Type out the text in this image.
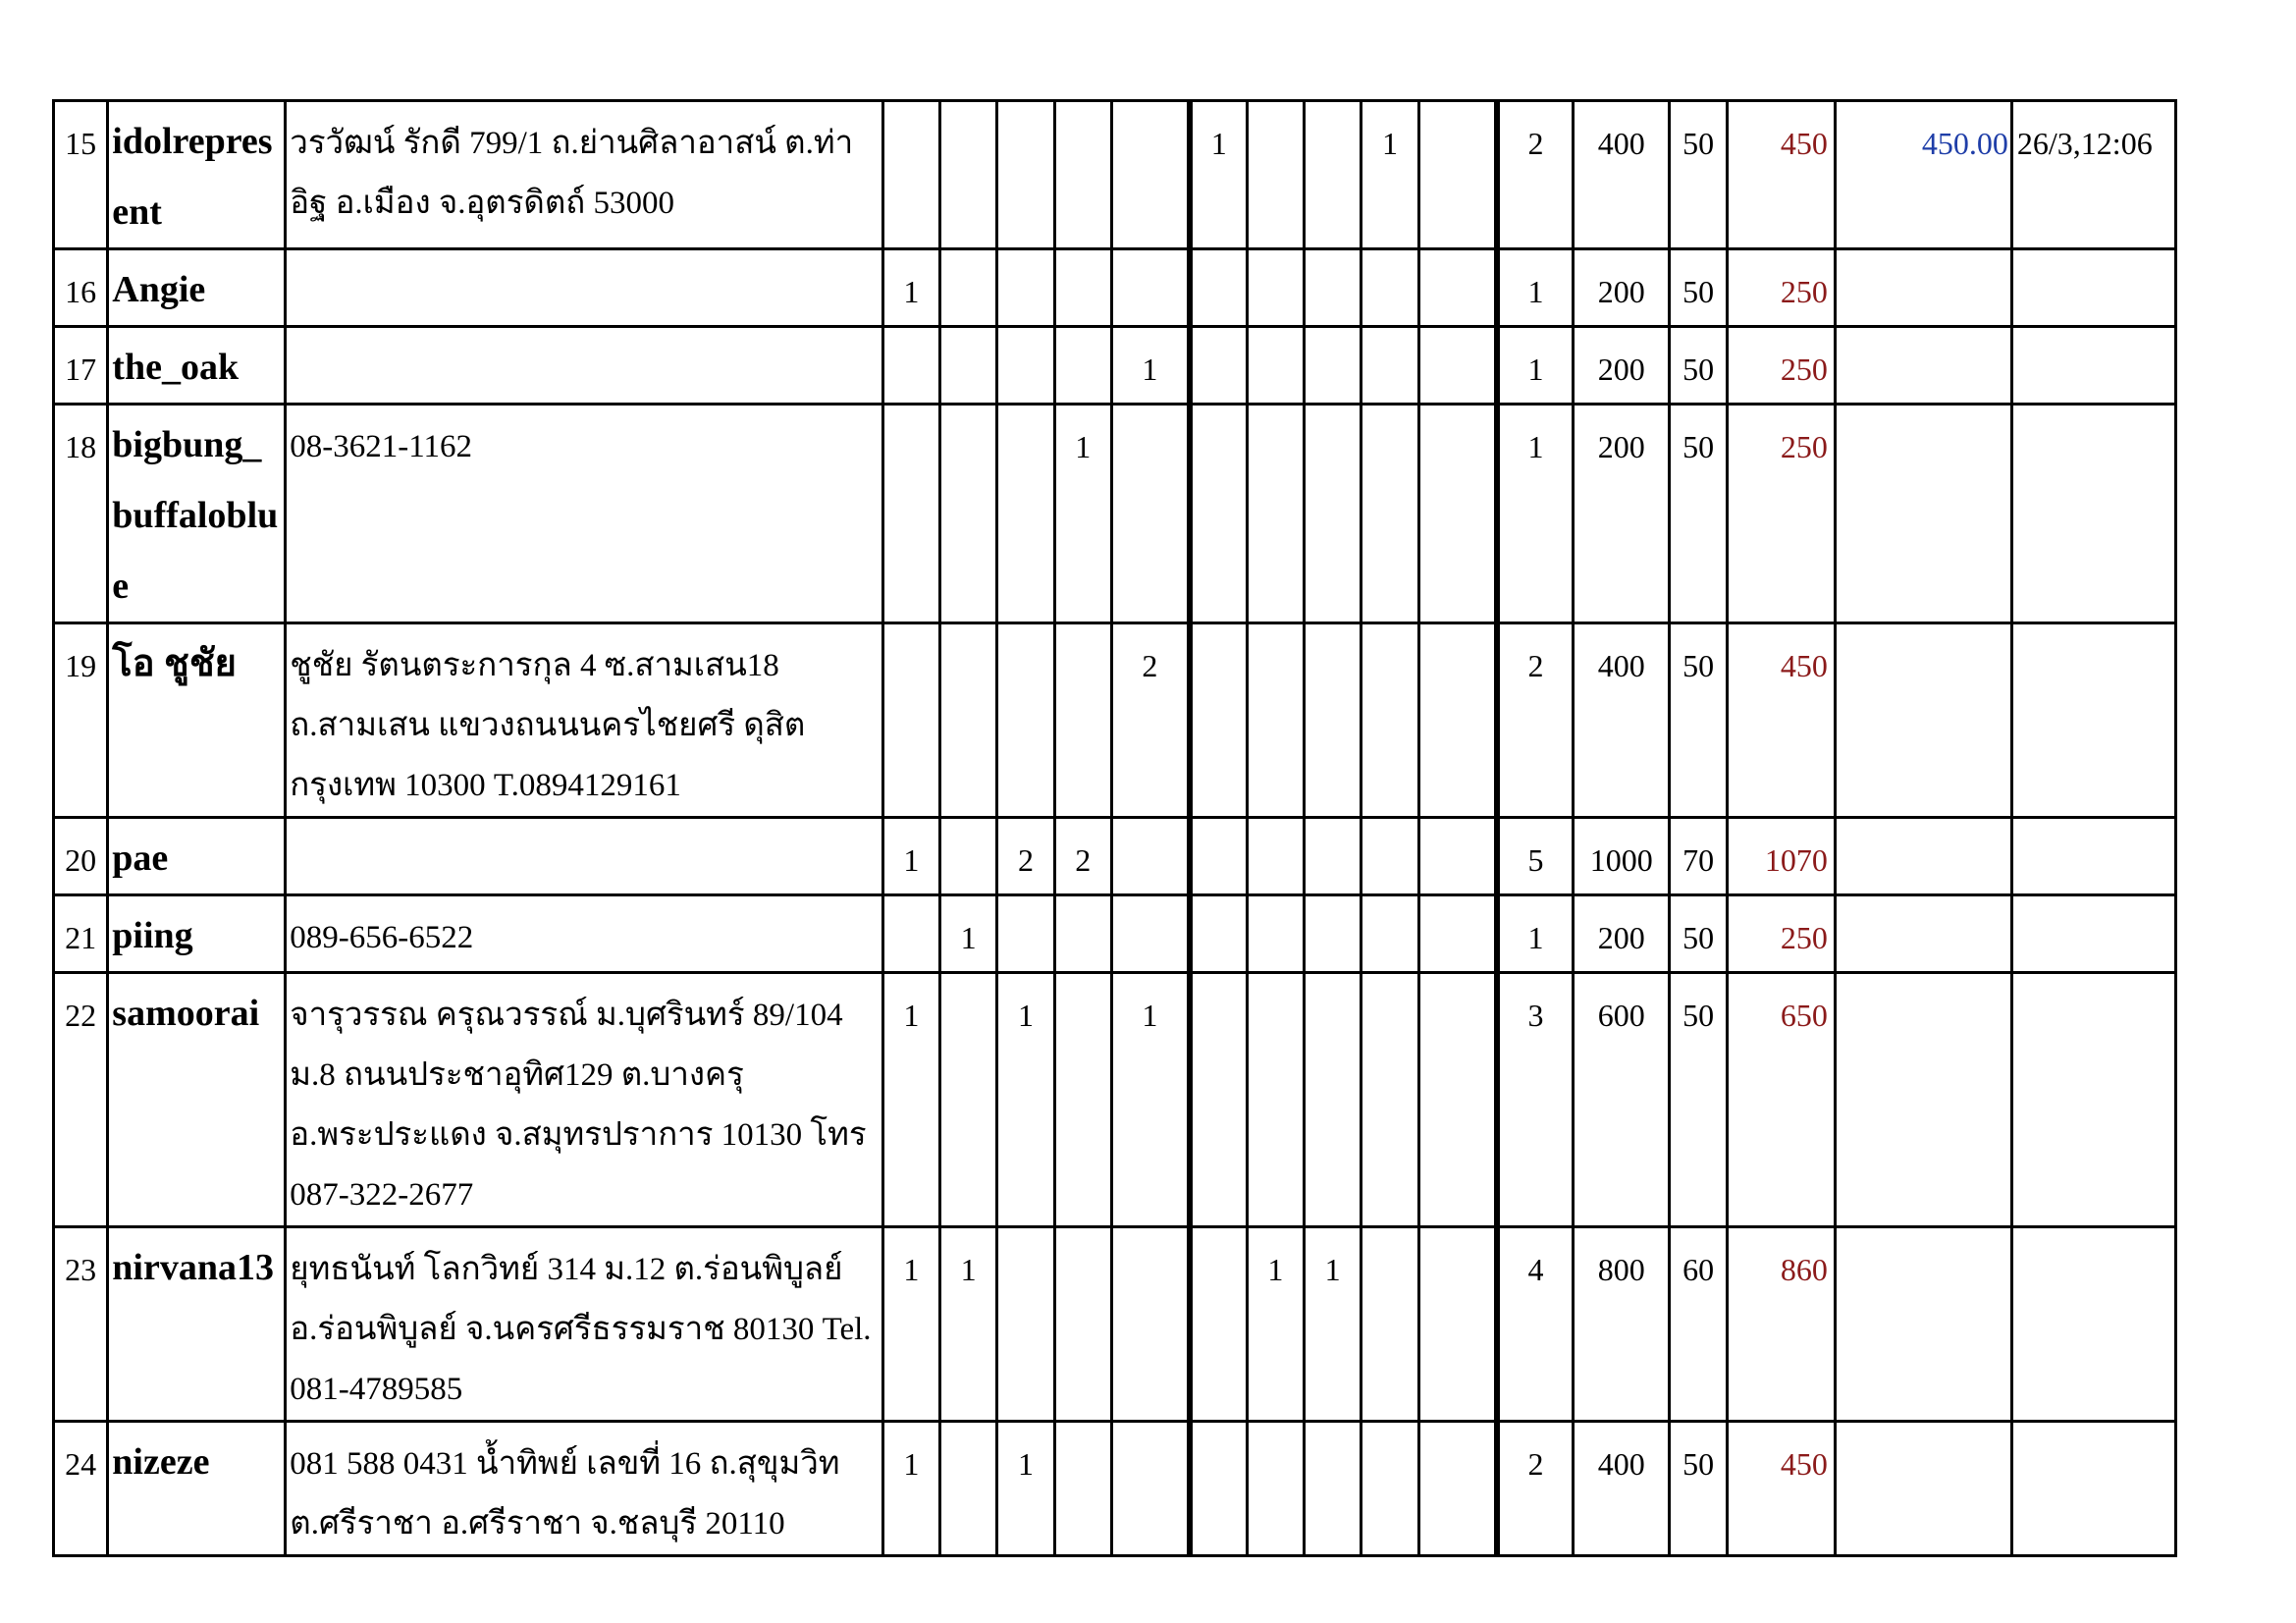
15	idolrepresent	วรวัฒน์ รักดี 799/1 ถ.ย่านศิลาอาสน์ ต.ท่าอิฐ อ.เมือง จ.อุตรดิตถ์ 53000						1			1		2	400	50	450	450.00	26/3,12:06
16	Angie		1										1	200	50	250		
17	the_oak						1						1	200	50	250		
18	bigbung_buffaloblue	08-3621-1162				1							1	200	50	250		
19	โอ ชูชัย	ชูชัย รัตนตระการกุล 4 ซ.สามเสน18 ถ.สามเสน แขวงถนนนครไชยศรี ดุสิต กรุงเทพ 10300 T.0894129161					2						2	400	50	450		
20	pae		1		2	2							5	1000	70	1070		
21	piing	089-656-6522		1									1	200	50	250		
22	samoorai	จารุวรรณ ครุณวรรณ์ ม.บุศรินทร์ 89/104 ม.8 ถนนประชาอุทิศ129 ต.บางครุ อ.พระประแดง จ.สมุทรปราการ 10130 โทร 087-322-2677	1		1		1						3	600	50	650		
23	nirvana13	ยุทธนันท์ โลกวิทย์ 314 ม.12 ต.ร่อนพิบูลย์ อ.ร่อนพิบูลย์ จ.นครศรีธรรมราช 80130 Tel. 081-4789585	1	1					1	1			4	800	60	860		
24	nizeze	081 588 0431 น้ำทิพย์ เลขที่ 16 ถ.สุขุมวิท ต.ศรีราชา อ.ศรีราชา จ.ชลบุรี 20110	1		1								2	400	50	450		
